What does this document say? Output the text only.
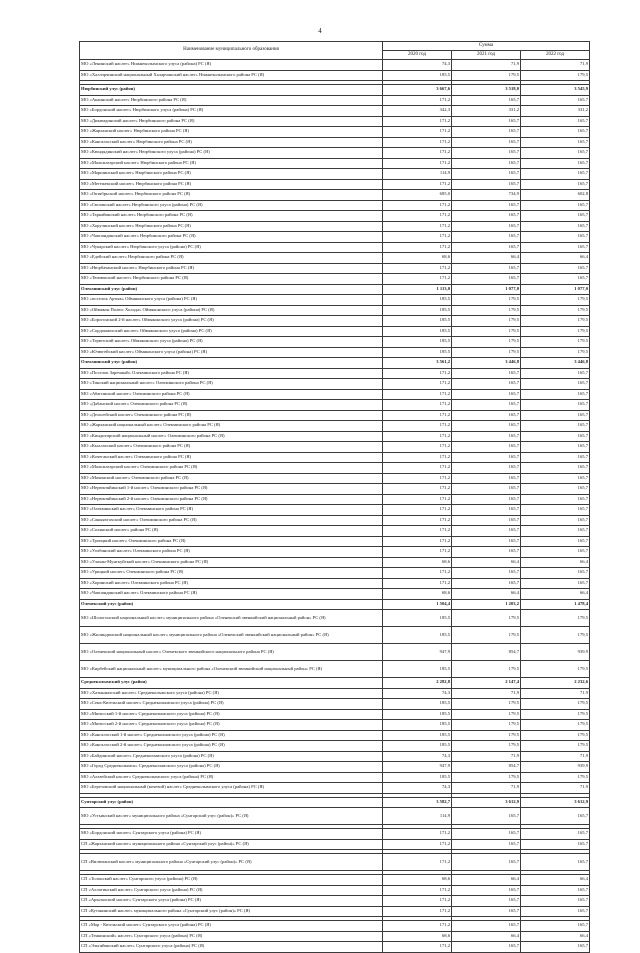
4
Наименование муниципального образования	Сумма		
	2020 год	2021 год	2022 год
МО «Ленинский наслег» Нижнеколымского улуса (района) РС (Я)	74,3	71,9	71,9
МО «Халлэрчинский национальный Халарчинский наслег» Нижнеколымского района РС (Я)	185,5	179,5	179,5

Нюрбинский улус (район)	3 667,6	3 518,0	3 545,9
МО «Акаинский наслег» Нюрбинского района РС (Я)	171,2	165,7	165,7
МО «Бордонский наслег» Нюрбинского улуса (района) РС (Я)	342,3	331,2	331,2
МО «Дикимдинский наслег» Нюрбинского района РС (Я)	171,2	165,7	165,7
МО «Жарханский наслег» Нюрбинского района РС (Я)	171,2	165,7	165,7
МО «Кангаласский наслег» Нюрбинского района РС (Я)	171,2	165,7	165,7
МО «Кюндядинский наслег» Нюрбинского улуса (района) РС (Я)	171,2	165,7	165,7
МО «Мальжагарский наслег» Нюрбинского района РС (Я)	171,2	165,7	165,7
МО «Маршинский наслег» Нюрбинского района РС (Я)	114,9	165,7	165,7
МО «Мегежекский наслег» Нюрбинского района РС (Я)	171,2	165,7	165,7
МО «Октябрьский наслег» Нюрбинского района РС (Я)	685,0	734,9	602,8
МО «Сюлинский наслег» Нюрбинского улуса (района) РС (Я)	171,2	165,7	165,7
МО «Таркайинский наслег» Нюрбинского района РС (Я)	171,2	165,7	165,7
МО «Хорулинский наслег» Нюрбинского района РС (Я)	171,2	165,7	165,7
МО «Чаппандинский наслег» Нюрбинского района РС (Я)	171,2	165,7	165,7
МО «Чукарский наслег» Нюрбинского улуса (района) РС (Я)	171,2	165,7	165,7
МО «Едейский наслег» Нюрбинского района РС (Я)	68,6	66,4	66,4
МО «Нюрбачанский наслег» Нюрбинского района РС (Я)	171,2	165,7	165,7
МО «Тюмюкский наслег» Нюрбинского района РС (Я)	171,2	165,7	165,7
Олекминский улус (район)	1 113,0	1 077,0	1 077,0
МО «поселок Артык» Оймяконского улуса (района) РС (Я)	185,5	179,5	179,5
МО «Оймякон Полюс Холода» Оймяконского улуса (района) РС (Я)	185,5	179,5	179,5
МО «Борогонский 2-й наслег» Оймяконского улуса (района) РС (Я)	185,5	179,5	179,5
МО «Сордоннохский наслег» Оймяконского улуса (района) РС (Я)	185,5	179,5	179,5
МО «Терютский наслег» Оймяконского улуса (района) РС (Я)	185,5	179,5	179,5
МО «Ючюгейский наслег» Оймяконского улуса (района) РС (Я)	185,5	179,5	179,5
Олекминский улус (район)	3 561,2	3 446,8	3 446,8
МО «Поселок Заречный» Олекминского района РС (Я)	171,2	165,7	165,7
МО «Тинский национальный наслег» Олекминского района РС (Я)	171,2	165,7	165,7
МО «Абагинский наслег» Олекминского района РС (Я)	171,2	165,7	165,7
МО «Дабанский наслег» Олекминского района РС (Я)	171,2	165,7	165,7
МО «Дельгейский наслег» Олекминского района РС (Я)	171,2	165,7	165,7
МО «Жарханский национальный наслег» Олекминского района РС (Я)	171,2	165,7	165,7
МО «Киндигирский национальный наслег» Олекминского района РС (Я)	171,2	165,7	165,7
МО «Кыллахский наслег» Олекминского района РС (Я)	171,2	165,7	165,7
МО «Кочеганский наслег» Олекминского района РС (Я)	171,2	165,7	165,7
МО «Мальжагарский наслег» Олекминского района РС (Я)	171,2	165,7	165,7
МО «Мачинский наслег» Олекминского района РС (Я)	171,2	165,7	165,7
МО «Нерюктяйинский 1-й наслег» Олекминского района РС (Я)	171,2	165,7	165,7
МО «Нерюктяйинский 2-й наслег» Олекминского района РС (Я)	171,2	165,7	165,7
МО «Олекминский наслег» Олекминского района РС (Я)	171,2	165,7	165,7
МО «Саныяхтахский наслег» Олекминского района РС (Я)	171,2	165,7	165,7
МО «Солянский наслег» района РС (Я)	171,2	165,7	165,7
МО «Троицкий наслег» Олекминского района РС (Я)	171,2	165,7	165,7
МО «Уолбинский наслег» Олекминского района РС (Я)	171,2	165,7	165,7
МО «Улахан-Мунгкуйский наслег» Олекминского района РС (Я)	68,6	66,4	66,4
МО «Урицкий наслег» Олекминского района РС (Я)	171,2	165,7	165,7
МО «Хоринский наслег» Олекминского района РС (Я)	171,2	165,7	165,7
МО «Чаппандинский наслег» Олекминского района РС (Я)	68,6	66,4	66,4
Оленекский улус (район)	1 504,4	1 203,2	1 478,4
МО «Шологонский национальный наслег» муниципального района «Оленекский эвенкийский национальный район» РС (Я)	185,5	179,5	179,5
МО «Жилиндинский национальный наслег» муниципального района «Оленекский эвенкийский национальный район» РС (Я)	185,5	179,5	179,5
МО «Оленекский национальный наслег» Оленекского эвенкийского национального района РС (Я)	947,9	854,7	939,9
МО «Кирбейский национальный наслег» муниципального района «Оленекский эвенкийский национальный район» РС (Я)	185,5	179,5	179,5
Среднеколымский улус (район)	2 282,8	2 147,4	2 232,6
МО «Хатыннахский наслег» Среднеколымского улуса (района) РС (Я)	74,3	71,9	71,9
МО «Сень-Кюельский наслег» Среднеколымского улуса (района) РС (Я)	185,5	179,5	179,5
МО «Мятисский 1-й наслег» Среднеколымского улуса (района) РС (Я)	185,5	179,5	179,5
МО «Мятисский 2-й наслег» Среднеколымского улуса (района) РС (Я)	185,5	179,5	179,5
МО «Кангаласский 1-й наслег» Среднеколымского улуса (района) РС (Я)	185,5	179,5	179,5
МО «Кангаласский 2-й наслег» Среднеколымского улуса (района) РС (Я)	185,5	179,5	179,5
МО «Байдинский наслег» Среднеколымского улуса (района) РС (Я)	74,3	71,9	71,9
МО «Город Среднеколымск» Среднеколымского улуса (района) РС (Я)	947,9	854,7	939,9
МО «Алазейский наслег» Среднеколымского улуса (района) РС (Я)	185,5	179,5	179,5
МО «Березовский национальный (кочевой) наслег» Среднеколымского улуса (района) РС (Я)	74,3	71,9	71,9

Сунтарский улус (район)	3 582,7	3 612,9	3 612,9
МО «Устьинский наслег» муниципального района «Сунтарский улус (район)» РС (Я)	114,9	165,7	165,7

МО «Бордонский наслег» Сунтарского улуса (района) РС (Я)	171,2	165,7	165,7
СП «Жарханский наслег» муниципального района «Сунтарский улус (район)» РС (Я)	171,2	165,7	165,7

СП «Вилючанский наслег» муниципального района «Сунтарский улус (район)» РС (Я)	171,2	165,7	165,7

СП «Толонский наслег» Сунтарского улуса (района) РС (Я)	68,6	66,4	66,4
СП «Аллагинский наслег» Сунтарского улуса (района) РС (Я)	171,2	165,7	165,7
СП «Арылахский наслег» Сунтарского улуса (района) РС (Я)	171,2	165,7	165,7
СП «Кутанинский наслег» муниципального района «Сунтарский улус (район)» РС (Я)	171,2	165,7	165,7

СП «Мар - Кюельский наслег» Сунтарского улуса (района) РС (Я)	171,2	165,7	165,7
СП «Тенкинский» наслег» Сунтарского улуса (района) РС (Я)	68,6	66,4	66,4
СП «Эльгяйинский наслег» Сунтарского улуса (района) РС (Я)	171,2	165,7	165,7
